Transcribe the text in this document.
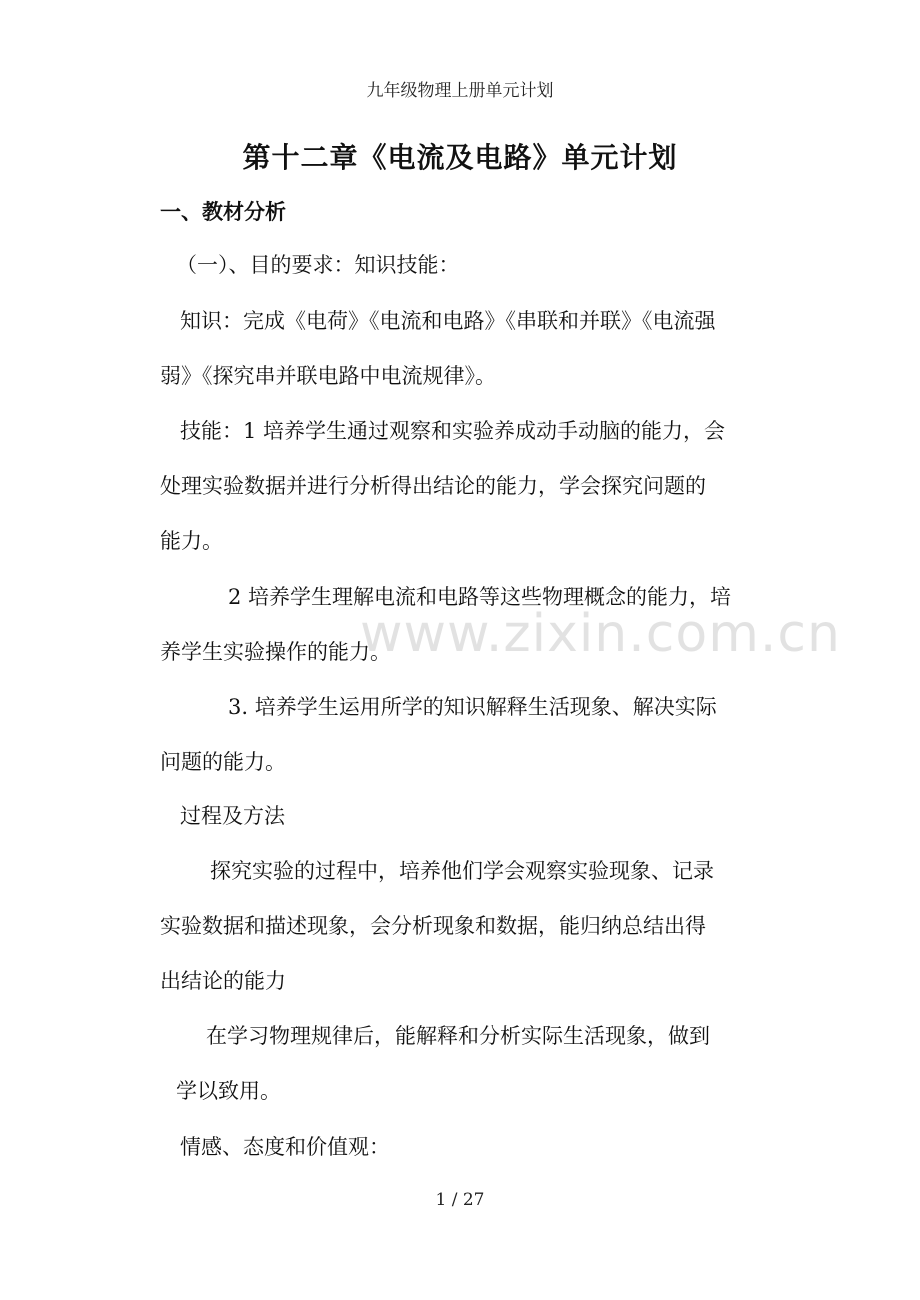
九年级物理上册单元计划
第十二章《电流及电路》单元计划
一、教材分析
（一）、目的要求：知识技能：
知识：完成《电荷》《电流和电路》《串联和并联》《电流强
弱》《探究串并联电路中电流规律》。
技能：1 培养学生通过观察和实验养成动手动脑的能力，会
处理实验数据并进行分析得出结论的能力，学会探究问题的
能力。
2 培养学生理解电流和电路等这些物理概念的能力，培
养学生实验操作的能力。
3. 培养学生运用所学的知识解释生活现象、解决实际
问题的能力。
过程及方法
探究实验的过程中，培养他们学会观察实验现象、记录
实验数据和描述现象，会分析现象和数据，能归纳总结出得
出结论的能力
在学习物理规律后，能解释和分析实际生活现象，做到
学以致用。
情感、态度和价值观：
www.zixin.com.cn
1 / 27
